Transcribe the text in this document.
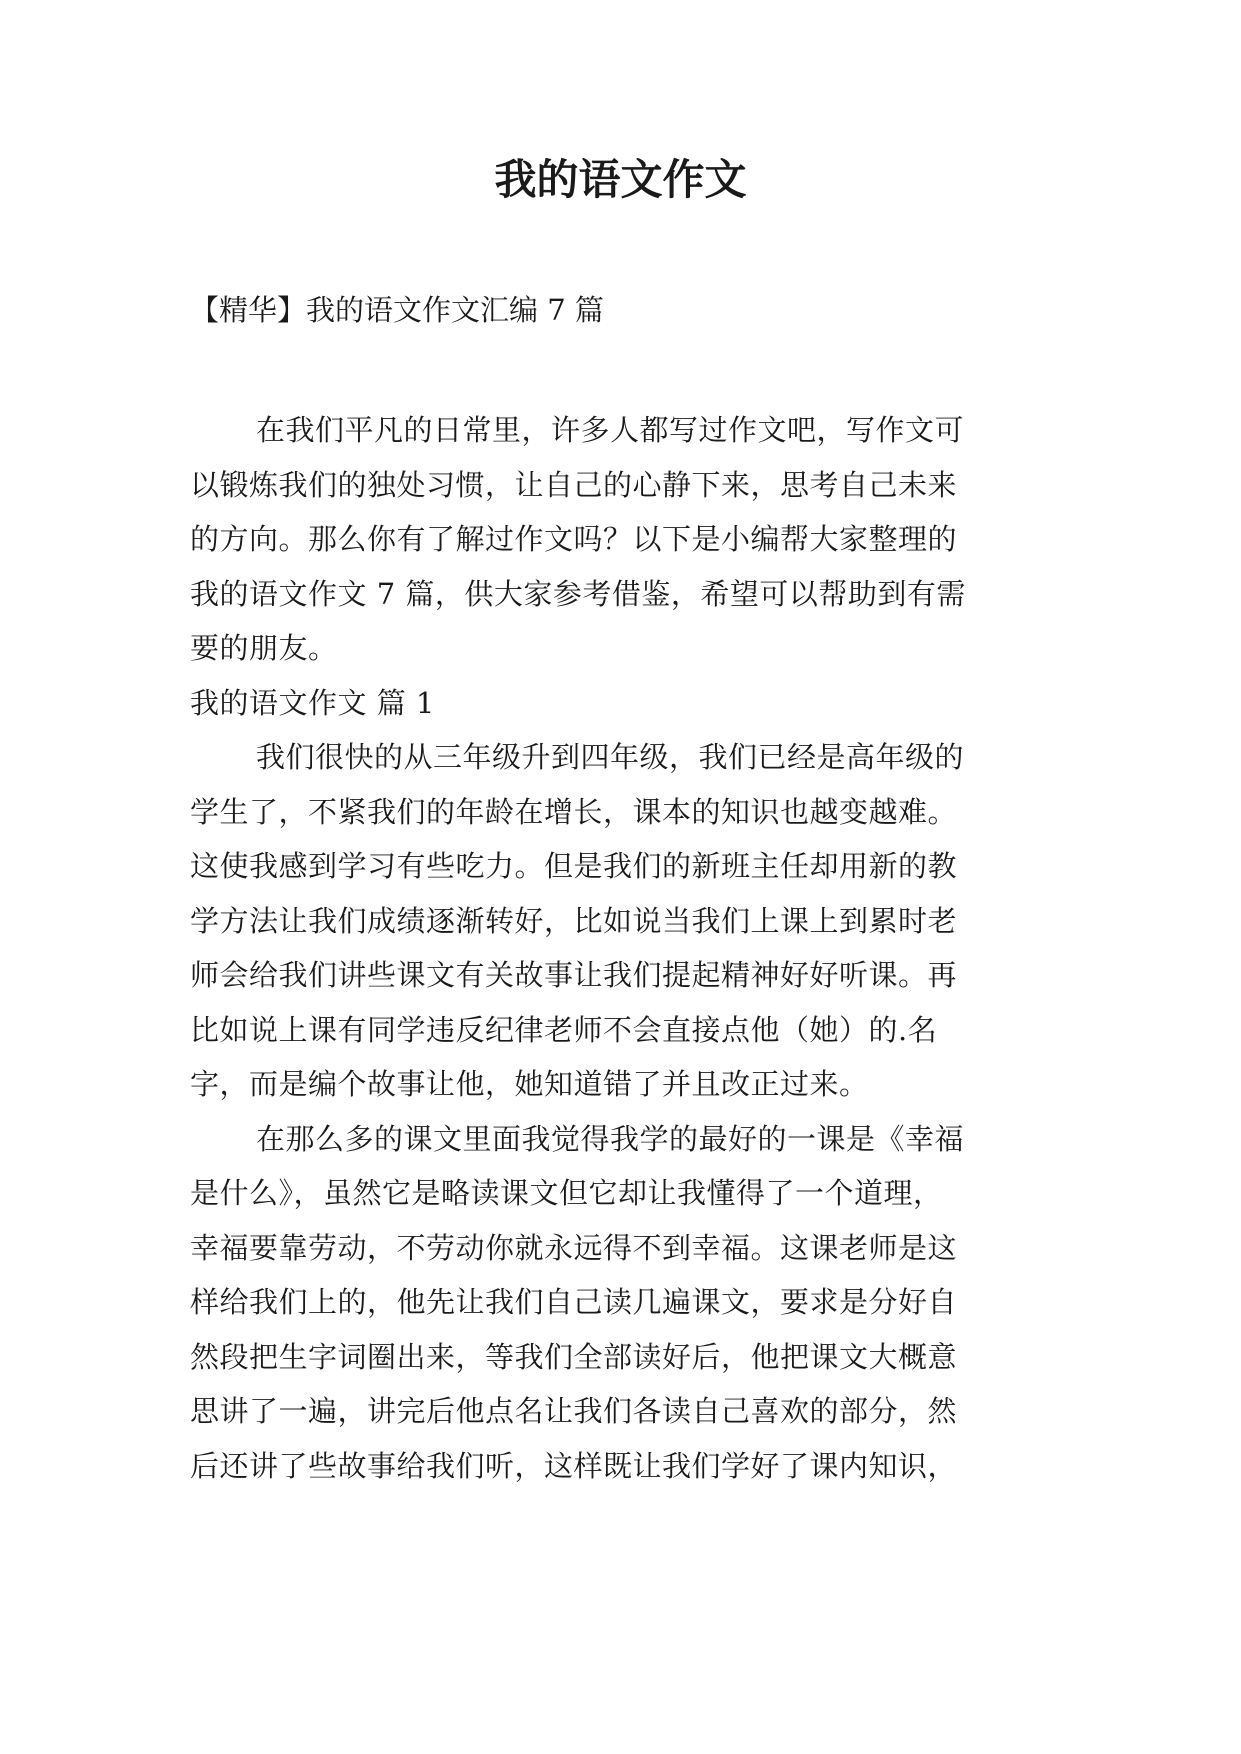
我的语文作文

【精华】我的语文作文汇编 7 篇

在我们平凡的日常里，许多人都写过作文吧，写作文可
以锻炼我们的独处习惯，让自己的心静下来，思考自己未来
的方向。那么你有了解过作文吗？以下是小编帮大家整理的
我的语文作文 7 篇，供大家参考借鉴，希望可以帮助到有需
要的朋友。
我的语文作文 篇 1
我们很快的从三年级升到四年级，我们已经是高年级的
学生了，不紧我们的年龄在增长，课本的知识也越变越难。
这使我感到学习有些吃力。但是我们的新班主任却用新的教
学方法让我们成绩逐渐转好，比如说当我们上课上到累时老
师会给我们讲些课文有关故事让我们提起精神好好听课。再
比如说上课有同学违反纪律老师不会直接点他（她）的.名
字，而是编个故事让他，她知道错了并且改正过来。
在那么多的课文里面我觉得我学的最好的一课是《幸福
是什么》，虽然它是略读课文但它却让我懂得了一个道理，
幸福要靠劳动，不劳动你就永远得不到幸福。这课老师是这
样给我们上的，他先让我们自己读几遍课文，要求是分好自
然段把生字词圈出来，等我们全部读好后，他把课文大概意
思讲了一遍，讲完后他点名让我们各读自己喜欢的部分，然
后还讲了些故事给我们听，这样既让我们学好了课内知识，
